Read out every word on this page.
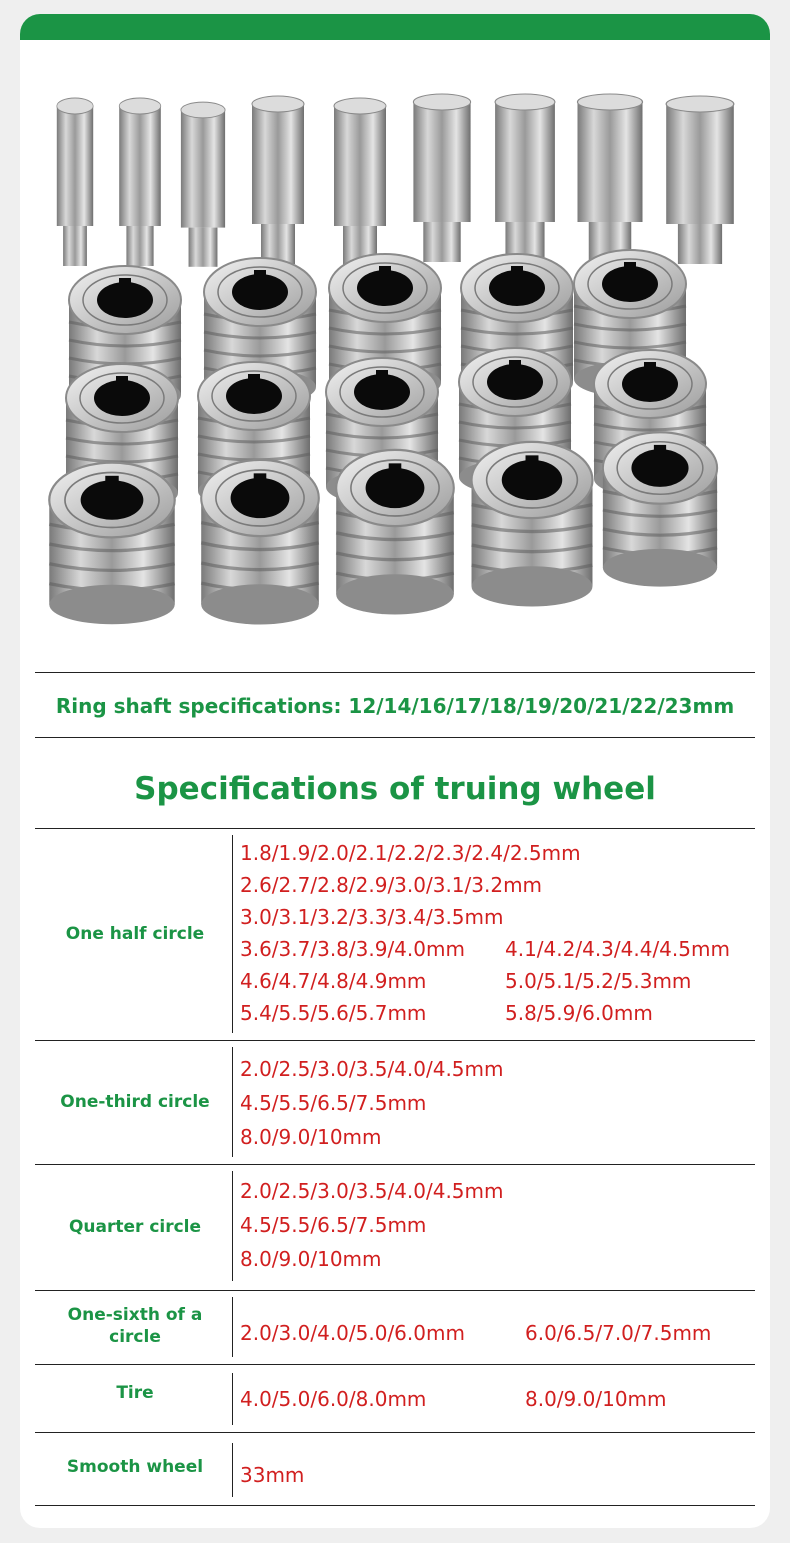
Ring shaft specifications: 12/14/16/17/18/19/20/21/22/23mm
Specifications of truing wheel
One half circle
1.8/1.9/2.0/2.1/2.2/2.3/2.4/2.5mm
2.6/2.7/2.8/2.9/3.0/3.1/3.2mm
3.0/3.1/3.2/3.3/3.4/3.5mm
3.6/3.7/3.8/3.9/4.0mm 4.1/4.2/4.3/4.4/4.5mm
4.6/4.7/4.8/4.9mm	5.0/5.1/5.2/5.3mm
5.4/5.5/5.6/5.7mm	5.8/5.9/6.0mm
One-third circle
2.0/2.5/3.0/3.5/4.0/4.5mm
4.5/5.5/6.5/7.5mm
8.0/9.0/10mm
Quarter circle
2.0/2.5/3.0/3.5/4.0/4.5mm
4.5/5.5/6.5/7.5mm
8.0/9.0/10mm
One-sixth of a circle	2.0/3.0/4.0/5.0/6.0mm	6.0/6.5/7.0/7.5mm
Tire	4.0/5.0/6.0/8.0mm	8.0/9.0/10mm
Smooth wheel	33mm
